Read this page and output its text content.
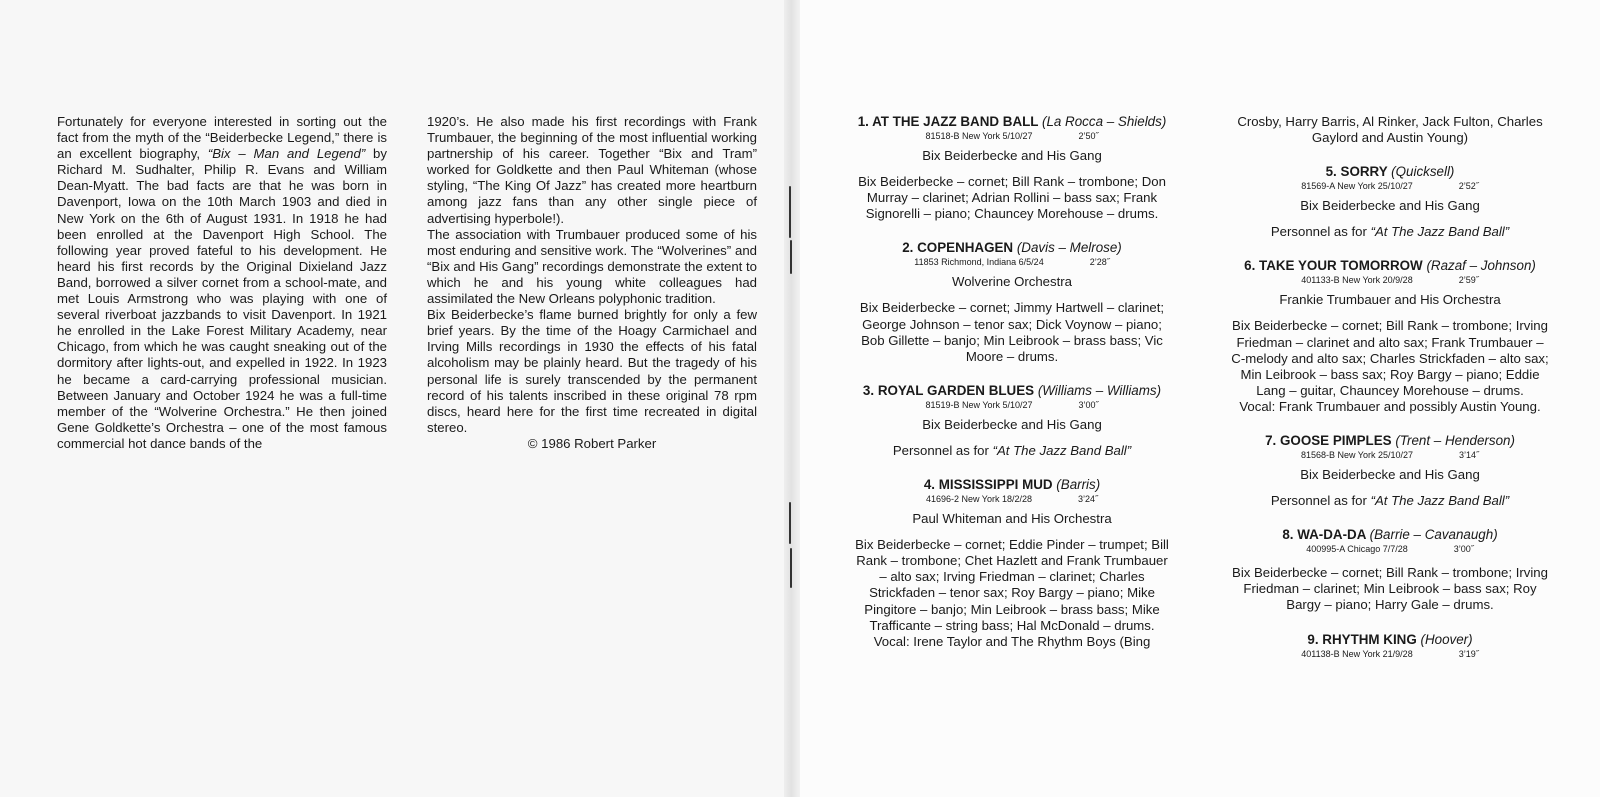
Fortunately for everyone interested in sorting out the fact from the myth of the “Beiderbecke Legend,” there is an excellent biography, “Bix – Man and Legend” by Richard M. Sudhalter, Philip R. Evans and William Dean-Myatt. The bad facts are that he was born in Davenport, Iowa on the 10th March 1903 and died in New York on the 6th of August 1931. In 1918 he had been enrolled at the Davenport High School. The following year proved fateful to his development. He heard his first records by the Original Dixieland Jazz Band, borrowed a silver cornet from a school-mate, and met Louis Armstrong who was playing with one of several riverboat jazzbands to visit Davenport. In 1921 he enrolled in the Lake Forest Military Academy, near Chicago, from which he was caught sneaking out of the dormitory after lights-out, and expelled in 1922. In 1923 he became a card-carrying professional musician. Between January and October 1924 he was a full-time member of the “Wolverine Orchestra.” He then joined Gene Goldkette’s Orchestra – one of the most famous commercial hot dance bands of the

1920’s. He also made his first recordings with Frank Trumbauer, the beginning of the most influential working partnership of his career. Together “Bix and Tram” worked for Goldkette and then Paul Whiteman (whose styling, “The King Of Jazz” has created more heartburn among jazz fans than any other single piece of advertising hyperbole!).

The association with Trumbauer produced some of his most enduring and sensitive work. The “Wolverines” and “Bix and His Gang” recordings demonstrate the extent to which he and his young white colleagues had assimilated the New Orleans polyphonic tradition.

Bix Beiderbecke’s flame burned brightly for only a few brief years. By the time of the Hoagy Carmichael and Irving Mills recordings in 1930 the effects of his fatal alcoholism may be plainly heard. But the tragedy of his personal life is surely transcended by the permanent record of his talents inscribed in these original 78 rpm discs, heard here for the first time recreated in digital stereo.

© 1986 Robert Parker

1. AT THE JAZZ BAND BALL (La Rocca – Shields)
81518-B New York 5/10/27	2’50˝
Bix Beiderbecke and His Gang

Bix Beiderbecke – cornet; Bill Rank – trombone; Don Murray – clarinet; Adrian Rollini – bass sax; Frank Signorelli – piano; Chauncey Morehouse – drums.

2. COPENHAGEN (Davis – Melrose)
11853 Richmond, Indiana 6/5/24	2’28˝
Wolverine Orchestra

Bix Beiderbecke – cornet; Jimmy Hartwell – clarinet; George Johnson – tenor sax; Dick Voynow – piano; Bob Gillette – banjo; Min Leibrook – brass bass; Vic Moore – drums.

3. ROYAL GARDEN BLUES (Williams – Williams)
81519-B New York 5/10/27	3’00˝
Bix Beiderbecke and His Gang

Personnel as for “At The Jazz Band Ball”

4. MISSISSIPPI MUD (Barris)
41696-2 New York 18/2/28	3’24˝
Paul Whiteman and His Orchestra

Bix Beiderbecke – cornet; Eddie Pinder – trumpet; Bill Rank – trombone; Chet Hazlett and Frank Trumbauer – alto sax; Irving Friedman – clarinet; Charles Strickfaden – tenor sax; Roy Bargy – piano; Mike Pingitore – banjo; Min Leibrook – brass bass; Mike Trafficante – string bass; Hal McDonald – drums.

Vocal: Irene Taylor and The Rhythm Boys (Bing

Crosby, Harry Barris, Al Rinker, Jack Fulton, Charles Gaylord and Austin Young)

5. SORRY (Quicksell)
81569-A New York 25/10/27	2’52˝
Bix Beiderbecke and His Gang

Personnel as for “At The Jazz Band Ball”

6. TAKE YOUR TOMORROW (Razaf – Johnson)
401133-B New York 20/9/28	2’59˝
Frankie Trumbauer and His Orchestra

Bix Beiderbecke – cornet; Bill Rank – trombone; Irving Friedman – clarinet and alto sax; Frank Trumbauer – C-melody and alto sax; Charles Strickfaden – alto sax; Min Leibrook – bass sax; Roy Bargy – piano; Eddie Lang – guitar, Chauncey Morehouse – drums.

Vocal: Frank Trumbauer and possibly Austin Young.

7. GOOSE PIMPLES (Trent – Henderson)
81568-B New York 25/10/27	3’14˝
Bix Beiderbecke and His Gang

Personnel as for “At The Jazz Band Ball”

8. WA-DA-DA (Barrie – Cavanaugh)
400995-A Chicago 7/7/28	3’00˝

Bix Beiderbecke – cornet; Bill Rank – trombone; Irving Friedman – clarinet; Min Leibrook – bass sax; Roy Bargy – piano; Harry Gale – drums.

9. RHYTHM KING (Hoover)
401138-B New York 21/9/28	3’19˝
